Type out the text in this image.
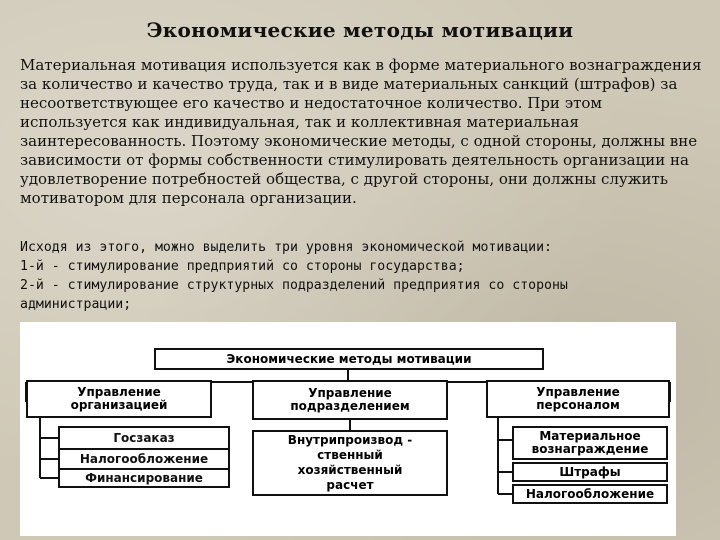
Экономические методы мотивации

Материальная мотивация используется как в форме материального вознаграждения за количество и качество труда, так и в виде материальных санкций (штрафов) за несоответствующее его качество и недостаточное количество. При этом используется как индивидуальная, так и коллективная материальная заинтересованность. Поэтому экономические методы, с одной стороны, должны вне зависимости от формы собственности стимулировать деятельность организации на удовлетворение потребностей общества, с другой стороны, они должны служить мотиватором для персонала организации.

Исходя из этого, можно выделить три уровня экономической мотивации:
1-й - стимулирование предприятий со стороны государства;
2-й - стимулирование структурных подразделений предприятия со стороны
администрации;
Экономические методы мотивации
Управление
организацией
Управление
подразделением
Управление
персоналом
Госзаказ
Налогообложение
Финансирование
Внутрипроизвод -
ственный
хозяйственный
расчет
Материальное вознаграждение
Штрафы
Налогообложение
